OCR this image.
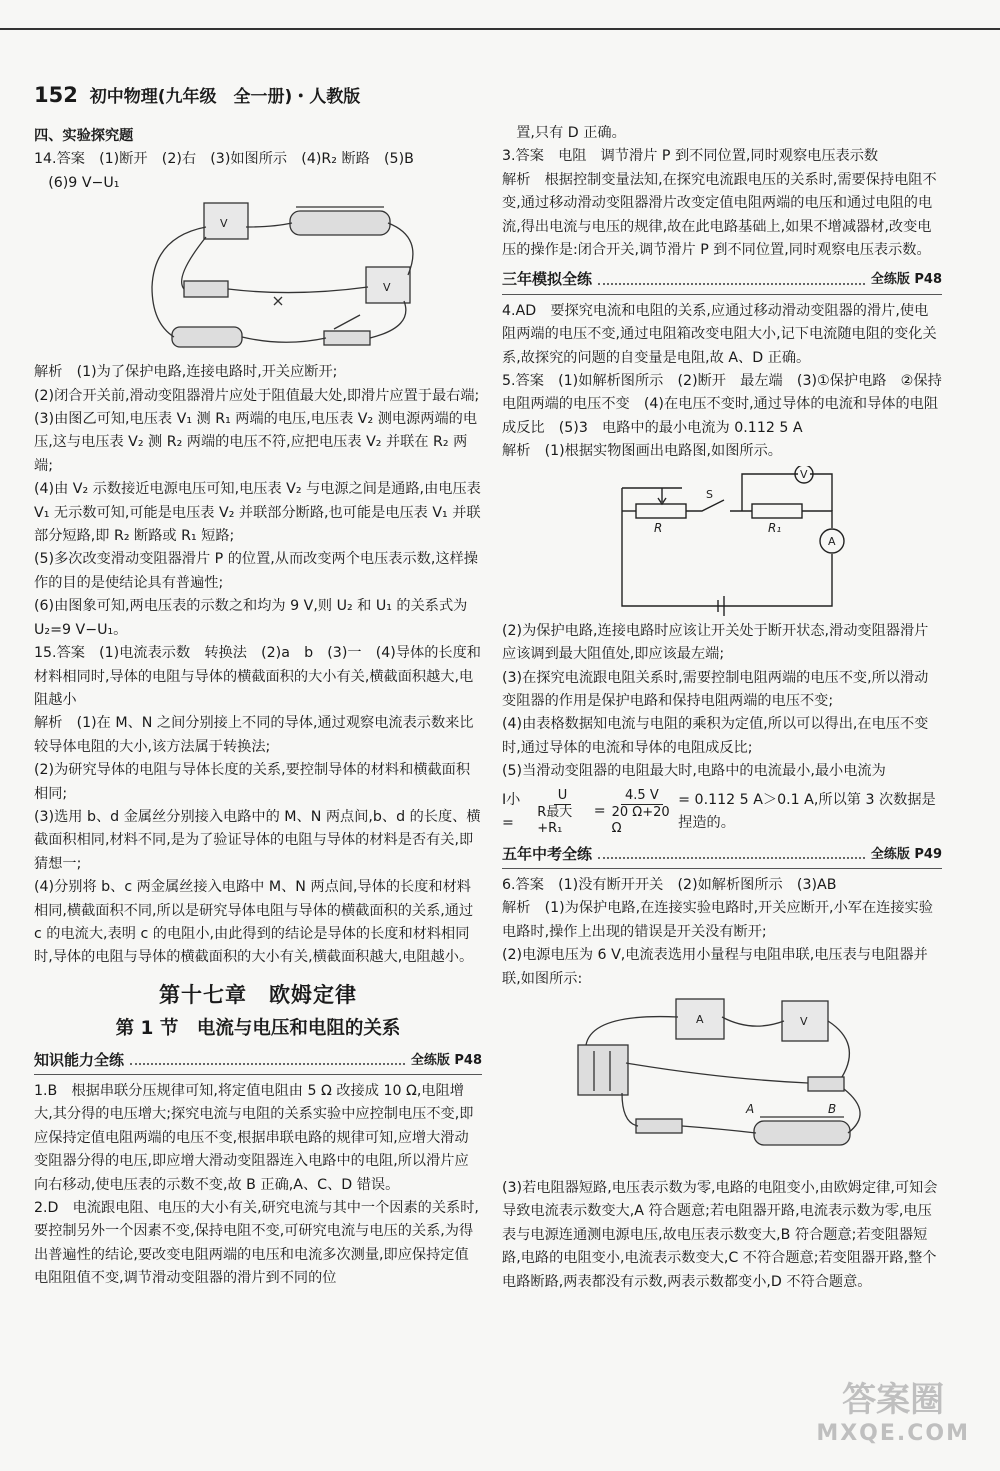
152 初中物理(九年级　全一册)・人教版

四、实验探究题

14.答案　(1)断开　(2)右　(3)如图所示　(4)R₂ 断路　(5)B

(6)9 V−U₁

V
V

解析　(1)为了保护电路,连接电路时,开关应断开;

(2)闭合开关前,滑动变阻器滑片应处于阻值最大处,即滑片应置于最右端;

(3)由图乙可知,电压表 V₁ 测 R₁ 两端的电压,电压表 V₂ 测电源两端的电压,这与电压表 V₂ 测 R₂ 两端的电压不符,应把电压表 V₂ 并联在 R₂ 两端;

(4)由 V₂ 示数接近电源电压可知,电压表 V₂ 与电源之间是通路,由电压表 V₁ 无示数可知,可能是电压表 V₂ 并联部分断路,也可能是电压表 V₁ 并联部分短路,即 R₂ 断路或 R₁ 短路;

(5)多次改变滑动变阻器滑片 P 的位置,从而改变两个电压表示数,这样操作的目的是使结论具有普遍性;

(6)由图象可知,两电压表的示数之和均为 9 V,则 U₂ 和 U₁ 的关系式为 U₂=9 V−U₁。

15.答案　(1)电流表示数　转换法　(2)a　b　(3)一　(4)导体的长度和材料相同时,导体的电阻与导体的横截面积的大小有关,横截面积越大,电阻越小

解析　(1)在 M、N 之间分别接上不同的导体,通过观察电流表示数来比较导体电阻的大小,该方法属于转换法;

(2)为研究导体的电阻与导体长度的关系,要控制导体的材料和横截面积相同;

(3)选用 b、d 金属丝分别接入电路中的 M、N 两点间,b、d 的长度、横截面积相同,材料不同,是为了验证导体的电阻与导体的材料是否有关,即猜想一;

(4)分别将 b、c 两金属丝接入电路中 M、N 两点间,导体的长度和材料相同,横截面积不同,所以是研究导体电阻与导体的横截面积的关系,通过 c 的电流大,表明 c 的电阻小,由此得到的结论是导体的长度和材料相同时,导体的电阻与导体的横截面积的大小有关,横截面积越大,电阻越小。

第十七章　欧姆定律
第 1 节　电流与电压和电阻的关系
知识能力全练	全练版 P48

1.B　根据串联分压规律可知,将定值电阻由 5 Ω 改接成 10 Ω,电阻增大,其分得的电压增大;探究电流与电阻的关系实验中应控制电压不变,即应保持定值电阻两端的电压不变,根据串联电路的规律可知,应增大滑动变阻器分得的电压,即应增大滑动变阻器连入电路中的电阻,所以滑片应向右移动,使电压表的示数不变,故 B 正确,A、C、D 错误。

2.D　电流跟电阻、电压的大小有关,研究电流与其中一个因素的关系时,要控制另外一个因素不变,保持电阻不变,可研究电流与电压的关系,为得出普遍性的结论,要改变电阻两端的电压和电流多次测量,即应保持定值电阻阻值不变,调节滑动变阻器的滑片到不同的位

置,只有 D 正确。

3.答案　电阻　调节滑片 P 到不同位置,同时观察电压表示数

解析　根据控制变量法知,在探究电流跟电压的关系时,需要保持电阻不变,通过移动滑动变阻器滑片改变定值电阻两端的电压和通过电阻的电流,得出电流与电压的规律,故在此电路基础上,如果不增减器材,改变电压的操作是:闭合开关,调节滑片 P 到不同位置,同时观察电压表示数。

三年模拟全练	全练版 P48

4.AD　要探究电流和电阻的关系,应通过移动滑动变阻器的滑片,使电阻两端的电压不变,通过电阻箱改变电阻大小,记下电流随电阻的变化关系,故探究的问题的自变量是电阻,故 A、D 正确。

5.答案　(1)如解析图所示　(2)断开　最左端　(3)①保护电路　②保持电阻两端的电压不变　(4)在电压不变时,通过导体的电流和导体的电阻成反比　(5)3　电路中的最小电流为 0.112 5 A

解析　(1)根据实物图画出电路图,如图所示。

V
A
R	R₁
S

(2)为保护电路,连接电路时应该让开关处于断开状态,滑动变阻器滑片应该调到最大阻值处,即应该最左端;

(3)在探究电流跟电阻关系时,需要控制电阻两端的电压不变,所以滑动变阻器的作用是保护电路和保持电阻两端的电压不变;

(4)由表格数据知电流与电阻的乘积为定值,所以可以得出,在电压不变时,通过导体的电流和导体的电阻成反比;

(5)当滑动变阻器的电阻最大时,电路中的电流最小,最小电流为

I小 =	$\frac{U}{\text{R最大+R₁}} = \frac{4.5 V}{20 \Omega+20 \Omega} = 0.112$ 5 A＞0.1 A,所以第 3 次数据是捏造的。
五年中考全练	全练版 P49

6.答案　(1)没有断开开关　(2)如解析图所示　(3)AB

解析　(1)为保护电路,在连接实验电路时,开关应断开,小军在连接实验电路时,操作上出现的错误是开关没有断开;

(2)电源电压为 6 V,电流表选用小量程与电阻串联,电压表与电阻器并联,如图所示:

A	V
A	B

(3)若电阻器短路,电压表示数为零,电路的电阻变小,由欧姆定律,可知会导致电流表示数变大,A 符合题意;若电阻器开路,电流表示数为零,电压表与电源连通测电源电压,故电压表示数变大,B 符合题意;若变阻器短路,电路的电阻变小,电流表示数变大,C 不符合题意;若变阻器开路,整个电路断路,两表都没有示数,两表示数都变小,D 不符合题意。

答案圈
MXQE.COM
